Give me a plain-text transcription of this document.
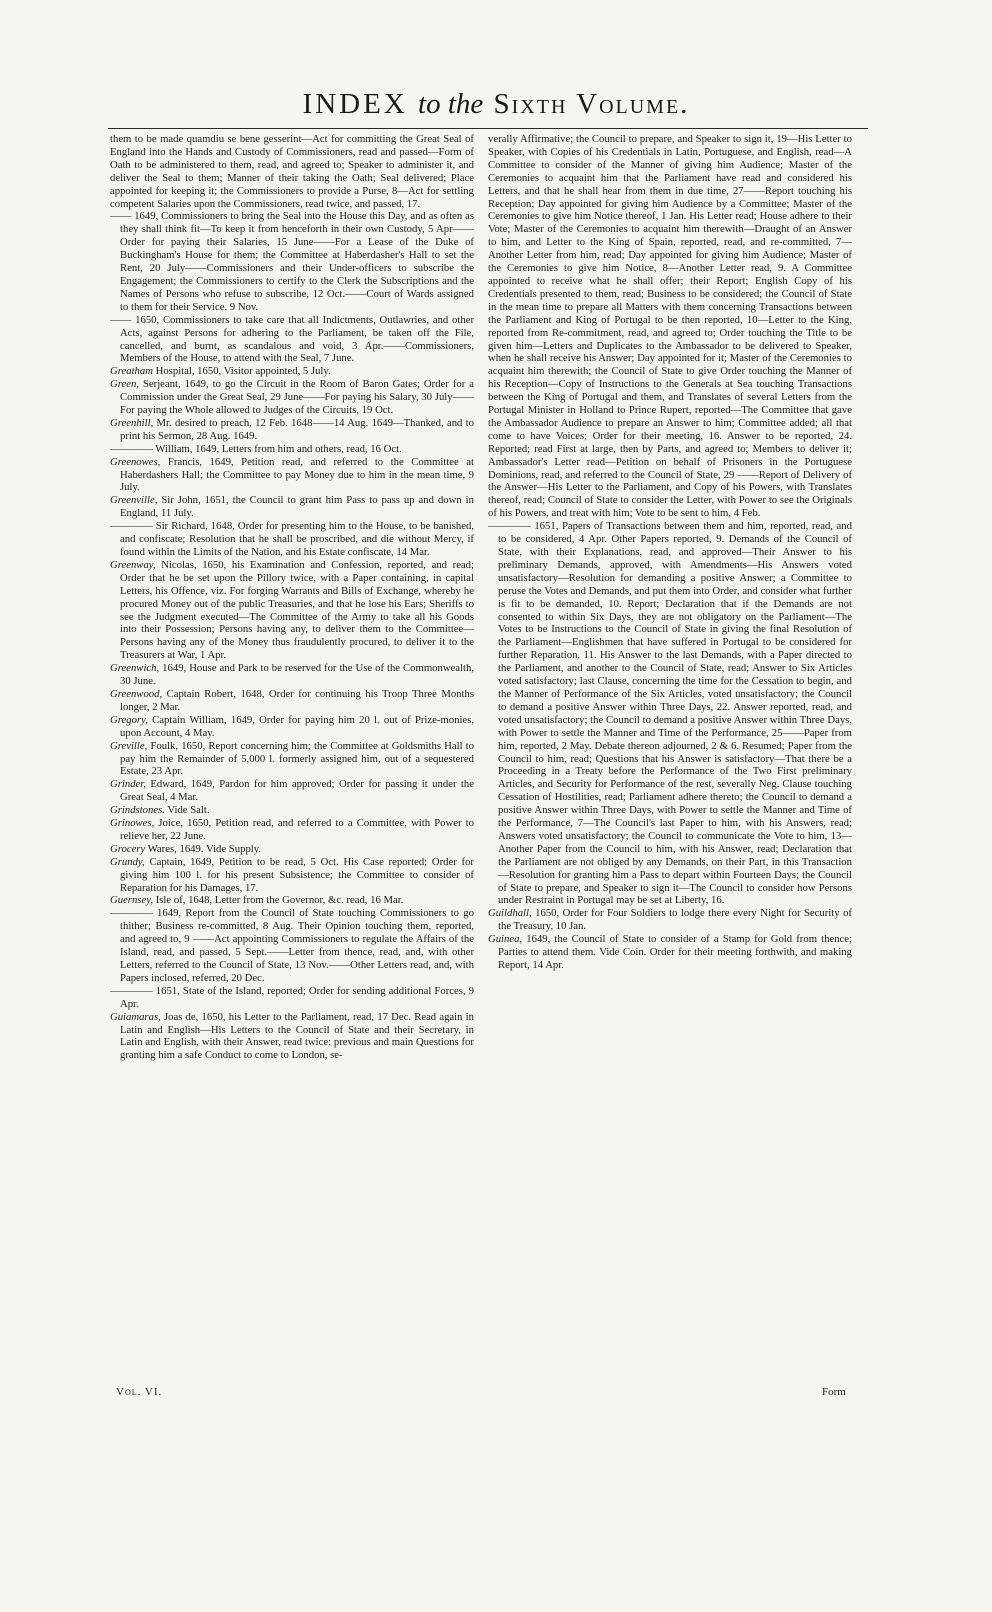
INDEX to the Sixth Volume.

them to be made quamdiu se bene gesserint—Act for committing the Great Seal of England into the Hands and Custody of Commissioners, read and passed—Form of Oath to be administered to them, read, and agreed to; Speaker to administer it, and deliver the Seal to them; Manner of their taking the Oath; Seal delivered; Place appointed for keeping it; the Commissioners to provide a Purse, 8—Act for settling competent Salaries upon the Commissioners, read twice, and passed, 17.

—— 1649, Commissioners to bring the Seal into the House this Day, and as often as they shall think fit—To keep it from henceforth in their own Custody, 5 Apr——Order for paying their Salaries, 15 June——For a Lease of the Duke of Buckingham's House for them; the Committee at Haberdasher's Hall to set the Rent, 20 July——Commissioners and their Under-officers to subscribe the Engagement; the Commissioners to certify to the Clerk the Subscriptions and the Names of Persons who refuse to subscribe, 12 Oct.——Court of Wards assigned to them for their Service. 9 Nov.

—— 1650, Commissioners to take care that all Indictments, Outlawries, and other Acts, against Persons for adhering to the Parliament, be taken off the File, cancelled, and burnt, as scandalous and void, 3 Apr.——Commissioners, Members of the House, to attend with the Seal, 7 June.

Greatham Hospital, 1650, Visitor appointed, 5 July.

Green, Serjeant, 1649, to go the Circuit in the Room of Baron Gates; Order for a Commission under the Great Seal, 29 June——For paying his Salary, 30 July——For paying the Whole allowed to Judges of the Circuits, 19 Oct.

Greenhill, Mr. desired to preach, 12 Feb. 1648——14 Aug. 1649—Thanked, and to print his Sermon, 28 Aug. 1649.

———— William, 1649, Letters from him and others, read, 16 Oct.

Greenowes, Francis, 1649, Petition read, and referred to the Committee at Haberdashers Hall; the Committee to pay Money due to him in the mean time, 9 July.

Greenville, Sir John, 1651, the Council to grant him Pass to pass up and down in England, 11 July.

———— Sir Richard, 1648, Order for presenting him to the House, to be banished, and confiscate; Resolution that he shall be proscribed, and die without Mercy, if found within the Limits of the Nation, and his Estate confiscate, 14 Mar.

Greenway, Nicolas, 1650, his Examination and Confession, reported, and read; Order that he be set upon the Pillory twice, with a Paper containing, in capital Letters, his Offence, viz. For forging Warrants and Bills of Exchange, whereby he procured Money out of the public Treasuries, and that he lose his Ears; Sheriffs to see the Judgment executed—The Committee of the Army to take all his Goods into their Possession; Persons having any, to deliver them to the Committee—Persons having any of the Money thus fraudulently procured, to deliver it to the Treasurers at War, 1 Apr.

Greenwich, 1649, House and Park to be reserved for the Use of the Commonwealth, 30 June.

Greenwood, Captain Robert, 1648, Order for continuing his Troop Three Months longer, 2 Mar.

Gregory, Captain William, 1649, Order for paying him 20 l. out of Prize-monies, upon Account, 4 May.

Greville, Foulk, 1650, Report concerning him; the Committee at Goldsmiths Hall to pay him the Remainder of 5,000 l. formerly assigned him, out of a sequestered Estate, 23 Apr.

Grinder, Edward, 1649, Pardon for him approved; Order for passing it under the Great Seal, 4 Mar.

Grindstones. Vide Salt.

Grinowes, Joice, 1650, Petition read, and referred to a Committee, with Power to relieve her, 22 June.

Grocery Wares, 1649. Vide Supply.

Grundy, Captain, 1649, Petition to be read, 5 Oct. His Case reported; Order for giving him 100 l. for his present Subsistence; the Committee to consider of Reparation for his Damages, 17.

Guernsey, Isle of, 1648, Letter from the Governor, &c. read, 16 Mar.

———— 1649, Report from the Council of State touching Commissioners to go thither; Business re-committed, 8 Aug. Their Opinion touching them, reported, and agreed to, 9 ——Act appointing Commissioners to regulate the Affairs of the Island, read, and passed, 5 Sept.——Letter from thence, read, and, with other Letters, referred to the Council of State, 13 Nov.——Other Letters read, and, with Papers inclosed, referred, 20 Dec.

———— 1651, State of the Island, reported; Order for sending additional Forces, 9 Apr.

Guiamaras, Joas de, 1650, his Letter to the Parliament, read, 17 Dec. Read again in Latin and English—His Letters to the Council of State and their Secretary, in Latin and English, with their Answer, read twice; previous and main Questions for granting him a safe Conduct to come to London, se-

verally Affirmative; the Council to prepare, and Speaker to sign it, 19—His Letter to Speaker, with Copies of his Credentials in Latin, Portuguese, and English, read—A Committee to consider of the Manner of giving him Audience; Master of the Ceremonies to acquaint him that the Parliament have read and considered his Letters, and that he shall hear from them in due time, 27——Report touching his Reception; Day appointed for giving him Audience by a Committee; Master of the Ceremonies to give him Notice thereof, 1 Jan. His Letter read; House adhere to their Vote; Master of the Ceremonies to acquaint him therewith—Draught of an Answer to him, and Letter to the King of Spain, reported, read, and re-committed, 7—Another Letter from him, read; Day appointed for giving him Audience; Master of the Ceremonies to give him Notice, 8—Another Letter read, 9. A Committee appointed to receive what he shall offer; their Report; English Copy of his Credentials presented to them, read; Business to be considered; the Council of State in the mean time to prepare all Matters with them concerning Transactions between the Parliament and King of Portugal to be then reported, 10—Letter to the King, reported from Re-commitment, read, and agreed to; Order touching the Title to be given him—Letters and Duplicates to the Ambassador to be delivered to Speaker, when he shall receive his Answer; Day appointed for it; Master of the Ceremonies to acquaint him therewith; the Council of State to give Order touching the Manner of his Reception—Copy of Instructions to the Generals at Sea touching Transactions between the King of Portugal and them, and Translates of several Letters from the Portugal Minister in Holland to Prince Rupert, reported—The Committee that gave the Ambassador Audience to prepare an Answer to him; Committee added; all that come to have Voices; Order for their meeting, 16. Answer to be reported, 24. Reported; read First at large, then by Parts, and agreed to; Members to deliver it; Ambassador's Letter read—Petition on behalf of Prisoners in the Portuguese Dominions, read, and referred to the Council of State, 29 ——Report of Delivery of the Answer—His Letter to the Parliament, and Copy of his Powers, with Translates thereof, read; Council of State to consider the Letter, with Power to see the Originals of his Powers, and treat with him; Vote to be sent to him, 4 Feb.

———— 1651, Papers of Transactions between them and him, reported, read, and to be considered, 4 Apr. Other Papers reported, 9. Demands of the Council of State, with their Explanations, read, and approved—Their Answer to his preliminary Demands, approved, with Amendments—His Answers voted unsatisfactory—Resolution for demanding a positive Answer; a Committee to peruse the Votes and Demands, and put them into Order, and consider what further is fit to be demanded, 10. Report; Declaration that if the Demands are not consented to within Six Days, they are not obligatory on the Parliament—The Votes to be Instructions to the Council of State in giving the final Resolution of the Parliament—Englishmen that have suffered in Portugal to be considered for further Reparation, 11. His Answer to the last Demands, with a Paper directed to the Parliament, and another to the Council of State, read; Answer to Six Articles voted satisfactory; last Clause, concerning the time for the Cessation to begin, and the Manner of Performance of the Six Articles, voted unsatisfactory; the Council to demand a positive Answer within Three Days, 22. Answer reported, read, and voted unsatisfactory; the Council to demand a positive Answer within Three Days, with Power to settle the Manner and Time of the Performance, 25——Paper from him, reported, 2 May. Debate thereon adjourned, 2 & 6. Resumed; Paper from the Council to him, read; Questions that his Answer is satisfactory—That there be a Proceeding in a Treaty before the Performance of the Two First preliminary Articles, and Security for Performance of the rest, severally Neg. Clause touching Cessation of Hostilities, read; Parliament adhere thereto; the Council to demand a positive Answer within Three Days, with Power to settle the Manner and Time of the Performance, 7—The Council's last Paper to him, with his Answers, read; Answers voted unsatisfactory; the Council to communicate the Vote to him, 13—Another Paper from the Council to him, with his Answer, read; Declaration that the Parliament are not obliged by any Demands, on their Part, in this Transaction—Resolution for granting him a Pass to depart within Fourteen Days; the Council of State to prepare, and Speaker to sign it—The Council to consider how Persons under Restraint in Portugal may be set at Liberty, 16.

Guildhall, 1650, Order for Four Soldiers to lodge there every Night for Security of the Treasury, 10 Jan.

Guinea, 1649, the Council of State to consider of a Stamp for Gold from thence; Parties to attend them. Vide Coin. Order for their meeting forthwith, and making Report, 14 Apr.

Vol. VI.	Form
